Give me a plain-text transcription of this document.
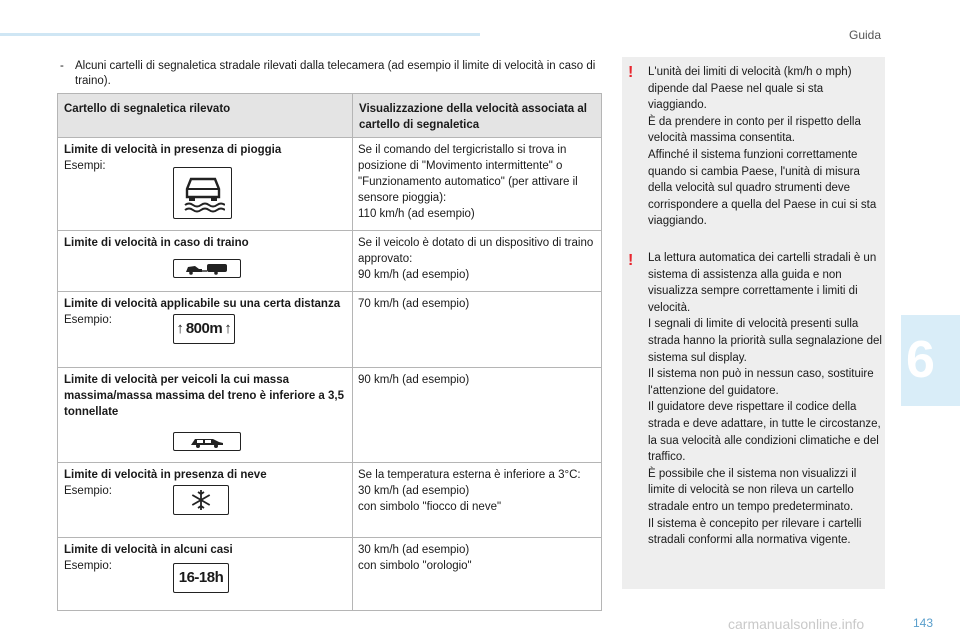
Guida
- Alcuni cartelli di segnaletica stradale rilevati dalla telecamera (ad esempio il limite di velocità in caso di traino).
Cartello di segnaletica rilevato	Visualizzazione della velocità associata al cartello di segnaletica

Limite di velocità in presenza di pioggia
Esempi:	Se il comando del tergicristallo si trova in posizione di "Movimento intermittente" o "Funzionamento automatico" (per attivare il sensore pioggia):
110 km/h (ad esempio)

Limite di velocità in caso di traino	Se il veicolo è dotato di un dispositivo di traino approvato:
90 km/h (ad esempio)

Limite di velocità applicabile su una certa distanza
Esempio: ↑ 800m ↑	70 km/h (ad esempio)

Limite di velocità per veicoli la cui massa massima/massa massima del treno è inferiore a 3,5 tonnellate	90 km/h (ad esempio)

Limite di velocità in presenza di neve
Esempio:	Se la temperatura esterna è inferiore a 3°C:
30 km/h (ad esempio)
con simbolo "fiocco di neve"

Limite di velocità in alcuni casi
Esempio:
16-18h	30 km/h (ad esempio)
con simbolo "orologio"
! L'unità dei limiti di velocità (km/h o mph) dipende dal Paese nel quale si sta viaggiando.
È da prendere in conto per il rispetto della velocità massima consentita.
Affinché il sistema funzioni correttamente quando si cambia Paese, l'unità di misura della velocità sul quadro strumenti deve corrispondere a quella del Paese in cui si sta viaggiando.

! La lettura automatica dei cartelli stradali è un sistema di assistenza alla guida e non visualizza sempre correttamente i limiti di velocità.
I segnali di limite di velocità presenti sulla strada hanno la priorità sulla segnalazione del sistema sul display.
Il sistema non può in nessun caso, sostituire l'attenzione del guidatore.
Il guidatore deve rispettare il codice della strada e deve adattare, in tutte le circostanze, la sua velocità alle condizioni climatiche e del traffico.
È possibile che il sistema non visualizzi il limite di velocità se non rileva un cartello stradale entro un tempo predeterminato.
Il sistema è concepito per rilevare i cartelli stradali conformi alla normativa vigente.

6
carmanualsonline.info	143
